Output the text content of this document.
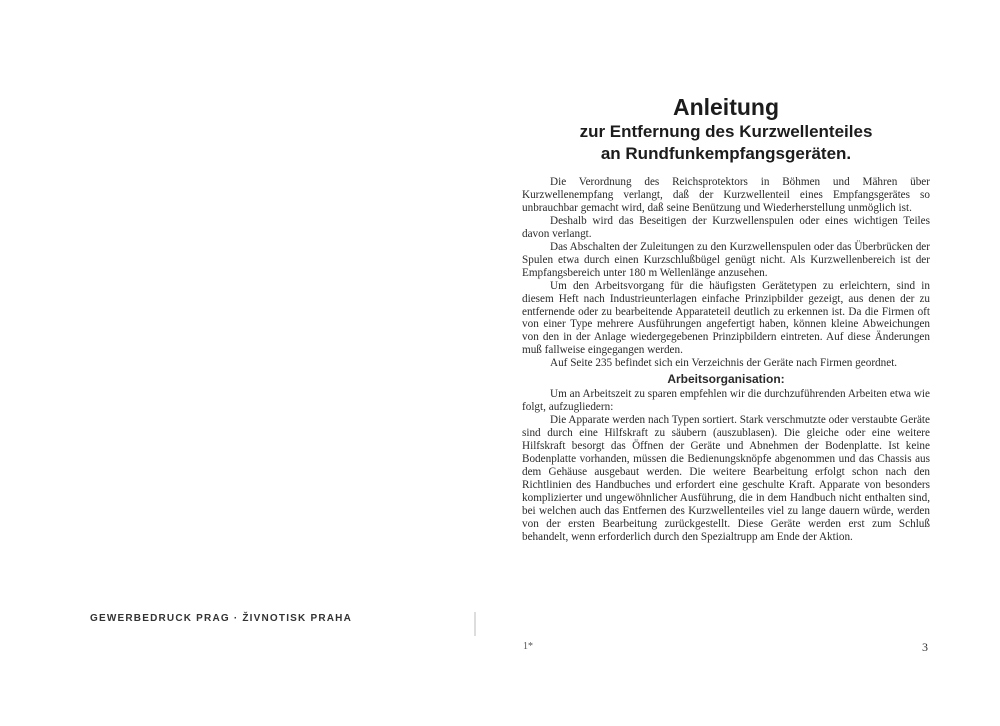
GEWERBEDRUCK PRAG · ŽIVNOTISK PRAHA
Anleitung
zur Entfernung des Kurzwellenteiles
an Rundfunkempfangsgeräten.

Die Verordnung des Reichsprotektors in Böhmen und Mähren über Kurzwellenempfang verlangt, daß der Kurzwellenteil eines Empfangsgerätes so unbrauchbar gemacht wird, daß seine Benützung und Wiederherstellung unmöglich ist.

Deshalb wird das Beseitigen der Kurzwellenspulen oder eines wichtigen Teiles davon verlangt.

Das Abschalten der Zuleitungen zu den Kurzwellenspulen oder das Überbrücken der Spulen etwa durch einen Kurzschlußbügel genügt nicht. Als Kurzwellenbereich ist der Empfangsbereich unter 180 m Wellenlänge anzusehen.

Um den Arbeitsvorgang für die häufigsten Gerätetypen zu erleichtern, sind in diesem Heft nach Industrieunterlagen einfache Prinzipbilder gezeigt, aus denen der zu entfernende oder zu bearbeitende Apparateteil deutlich zu erkennen ist. Da die Firmen oft von einer Type mehrere Ausführungen angefertigt haben, können kleine Abweichungen von den in der Anlage wiedergegebenen Prinzipbildern eintreten. Auf diese Änderungen muß fallweise eingegangen werden.

Auf Seite 235 befindet sich ein Verzeichnis der Geräte nach Firmen geordnet.

Arbeitsorganisation:

Um an Arbeitszeit zu sparen empfehlen wir die durchzuführenden Arbeiten etwa wie folgt, aufzugliedern:

Die Apparate werden nach Typen sortiert. Stark verschmutzte oder verstaubte Geräte sind durch eine Hilfskraft zu säubern (auszublasen). Die gleiche oder eine weitere Hilfskraft besorgt das Öffnen der Geräte und Abnehmen der Bodenplatte. Ist keine Bodenplatte vorhanden, müssen die Bedienungsknöpfe abgenommen und das Chassis aus dem Gehäuse ausgebaut werden. Die weitere Bearbeitung erfolgt schon nach den Richtlinien des Handbuches und erfordert eine geschulte Kraft. Apparate von besonders komplizierter und ungewöhnlicher Ausführung, die in dem Handbuch nicht enthalten sind, bei welchen auch das Entfernen des Kurzwellenteiles viel zu lange dauern würde, werden von der ersten Bearbeitung zurückgestellt. Diese Geräte werden erst zum Schluß behandelt, wenn erforderlich durch den Spezialtrupp am Ende der Aktion.

1*	3
